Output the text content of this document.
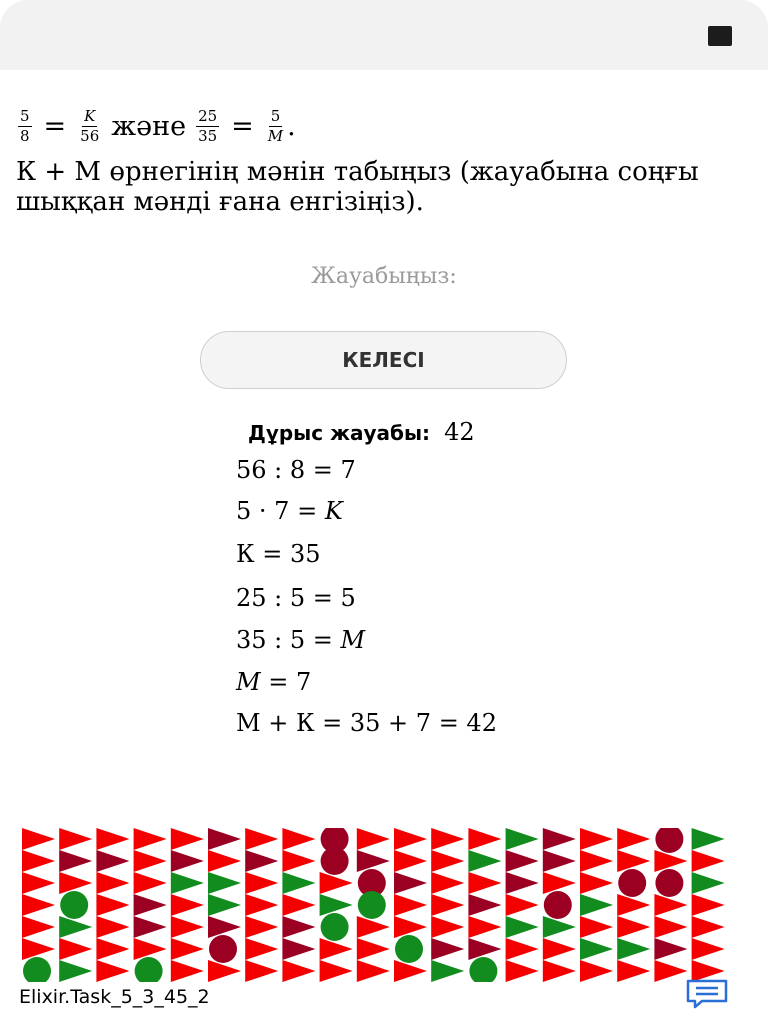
$\frac{5}{8} = \frac{K}{56}$ және $\frac{25}{35} = \frac{5}{M}$ .
К + М өрнегінің мәнін табыңыз (жауабына соңғы шыққан мәнді ғана енгізіңіз).
Жауабыңыз:
КЕЛЕСІ
Дұрыс жауабы: 42
56 : 8 = 7
5 · 7 = K
К = 35
25 : 5 = 5
35 : 5 = M
M = 7
М + К = 35 + 7 = 42
Elixir.Task_5_3_45_2
